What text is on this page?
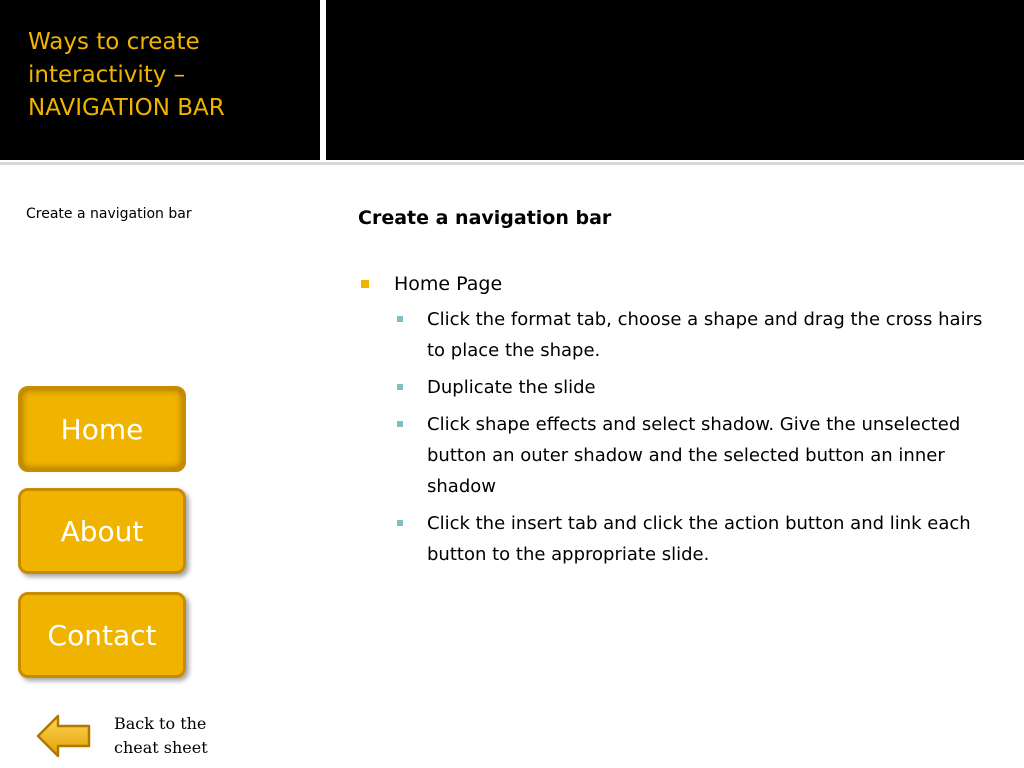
Ways to create interactivity – NAVIGATION BAR
Create a navigation bar	Create a navigation bar
Home Page
Click the format tab, choose a shape and drag the cross hairs to place the shape.
Duplicate the slide
Click shape effects and select shadow. Give the unselected button an outer shadow and the selected button an inner shadow
Click the insert tab and click the action button and link each button to the appropriate slide.
Home
About
Contact
Back to the cheat sheet
